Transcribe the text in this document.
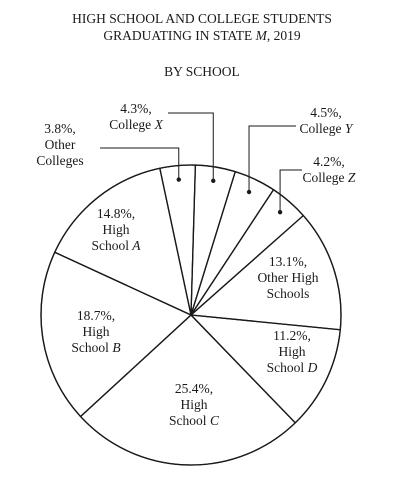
HIGH SCHOOL AND COLLEGE STUDENTS
GRADUATING IN STATE M, 2019
BY SCHOOL
3.8%, Other Colleges
4.3%, College X
4.5%, College Y
4.2%, College Z
13.1%, Other High Schools
11.2%, High School D
25.4%, High School C
18.7%, High School B
14.8%, High School A
